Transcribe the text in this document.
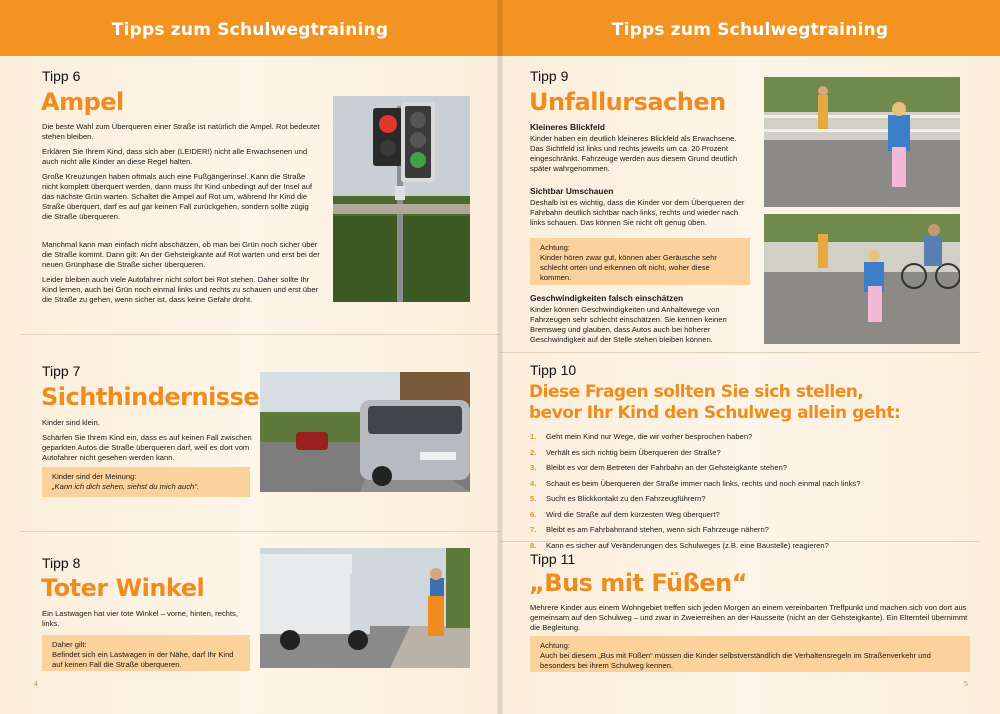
Tipps zum Schulwegtraining
Tipp 6
Ampel

Die beste Wahl zum Überqueren einer Straße ist natürlich die Ampel. Rot bedeutet stehen bleiben.

Erklären Sie Ihrem Kind, dass sich aber (LEIDER!) nicht alle Erwachsenen und auch nicht alle Kinder an diese Regel halten.

Große Kreuzungen haben oftmals auch eine Fußgängerinsel. Kann die Straße nicht komplett überquert werden, dann muss Ihr Kind unbedingt auf der Insel auf das nächste Grün warten. Schaltet die Ampel auf Rot um, während Ihr Kind die Straße überquert, darf es auf gar keinen Fall zurückgehen, sondern sollte zügig die Straße überqueren.

Manchmal kann man einfach nicht abschätzen, ob man bei Grün noch sicher über die Straße kommt. Dann gilt: An der Gehsteigkante auf Rot warten und erst bei der neuen Grünphase die Straße sicher überqueren.

Leider bleiben auch viele Autofahrer nicht sofort bei Rot stehen. Daher sollte Ihr Kind lernen, auch bei Grün noch einmal links und rechts zu schauen und erst über die Straße zu gehen, wenn sicher ist, dass keine Gefahr droht.

Tipp 7
Sichthindernisse

Kinder sind klein.

Schärfen Sie Ihrem Kind ein, dass es auf keinen Fall zwischen geparkten Autos die Straße überqueren darf, weil es dort vom Autofahrer nicht gesehen werden kann.

Kinder sind der Meinung:
„Kann ich dich sehen, siehst du mich auch“.
Tipp 8
Toter Winkel

Ein Lastwagen hat vier tote Winkel – vorne, hinten, rechts, links.

Daher gilt:
Befindet sich ein Lastwagen in der Nähe, darf Ihr Kind auf keinen Fall die Straße überqueren.
4
Tipps zum Schulwegtraining
Tipp 9
Unfallursachen
Kleineres Blickfeld

Kinder haben ein deutlich kleineres Blickfeld als Erwachsene. Das Sichtfeld ist links und rechts jeweils um ca. 20 Prozent eingeschränkt. Fahrzeuge werden aus diesem Grund deutlich später wahrgenommen.

Sichtbar Umschauen

Deshalb ist es wichtig, dass die Kinder vor dem Überqueren der Fahrbahn deutlich sichtbar nach links, rechts und wieder nach links schauen. Das können Sie nicht oft genug üben.

Achtung:
Kinder hören zwar gut, können aber Geräusche sehr schlecht orten und erkennen oft nicht, woher diese kommen.
Geschwindigkeiten falsch einschätzen

Kinder können Geschwindigkeiten und Anhaltewege von Fahrzeugen sehr schlecht einschätzen. Sie kennen keinen Bremsweg und glauben, dass Autos auch bei höherer Geschwindigkeit auf der Stelle stehen bleiben können.

Tipp 10
Diese Fragen sollten Sie sich stellen,
bevor Ihr Kind den Schulweg allein geht:
1. Geht mein Kind nur Wege, die wir vorher besprochen haben?
2. Verhält es sich richtig beim Überqueren der Straße?
3. Bleibt es vor dem Betreten der Fahrbahn an der Gehsteigkante stehen?
4. Schaut es beim Überqueren der Straße immer nach links, rechts und noch einmal nach links?
5. Sucht es Blickkontakt zu den Fahrzeugführern?
6. Wird die Straße auf dem kürzesten Weg überquert?
7. Bleibt es am Fahrbahnrand stehen, wenn sich Fahrzeuge nähern?
8. Kann es sicher auf Veränderungen des Schulweges (z.B. eine Baustelle) reagieren?
Tipp 11
„Bus mit Füßen“

Mehrere Kinder aus einem Wohngebiet treffen sich jeden Morgen an einem vereinbarten Treffpunkt und machen sich von dort aus gemeinsam auf den Schulweg – und zwar in Zweierreihen an der Hausseite (nicht an der Gehsteigkante). Ein Elternteil übernimmt die Begleitung.

Achtung:
Auch bei diesem „Bus mit Füßen“ müssen die Kinder selbstverständlich die Verhaltensregeln im Straßenverkehr und besonders bei ihrem Schulweg kennen.
5
